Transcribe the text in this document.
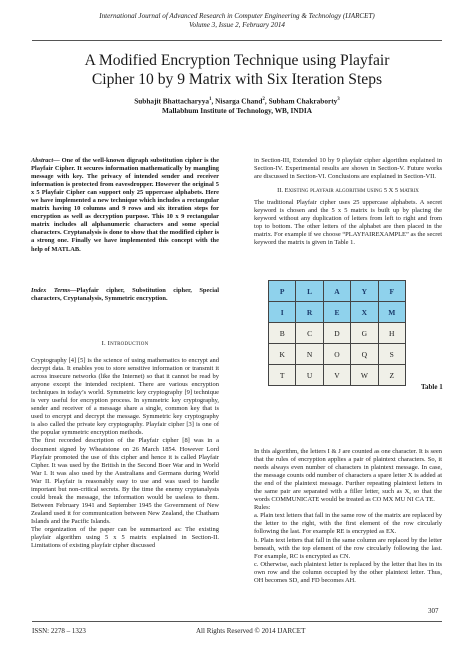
International Journal of Advanced Research in Computer Engineering & Technology (IJARCET)
Volume 3, Issue 2, February 2014
A Modified Encryption Technique using Playfair
Cipher 10 by 9 Matrix with Six Iteration Steps
Subhajit Bhattacharyya$^1$, Nisarga Chand$^2$, Subham Chakraborty$^3$
Mallabhum Institute of Technology, WB, INDIA

Abstract— One of the well-known digraph substitution cipher is the Playfair Cipher. It secures information mathematically by mangling message with key. The privacy of intended sender and receiver information is protected from eavesdropper. However the original 5 x 5 Playfair Cipher can support only 25 uppercase alphabets. Here we have implemented a new technique which includes a rectangular matrix having 10 columns and 9 rows and six iteration steps for encryption as well as decryption purpose. This 10 x 9 rectangular matrix includes all alphanumeric characters and some special characters. Cryptanalysis is done to show that the modified cipher is a strong one. Finally we have implemented this concept with the help of MATLAB.

Index Terms—Playfair cipher, Substitution cipher, Special characters, Cryptanalysis, Symmetric encryption.

I. Introduction

Cryptography [4] [5] is the science of using mathematics to encrypt and decrypt data. It enables you to store sensitive information or transmit it across insecure networks (like the Internet) so that it cannot be read by anyone except the intended recipient. There are various encryption techniques in today’s world. Symmetric key cryptography [9] technique is very useful for encryption process. In symmetric key cryptography, sender and receiver of a message share a single, common key that is used to encrypt and decrypt the message. Symmetric key cryptography is also called the private key cryptography. Playfair cipher [3] is one of the popular symmetric encryption methods.

The first recorded description of the Playfair cipher [8] was in a document signed by Wheatstone on 26 March 1854. However Lord Playfair promoted the use of this cipher and hence it is called Playfair Cipher. It was used by the British in the Second Boer War and in World War I. It was also used by the Australians and Germans during World War II. Playfair is reasonably easy to use and was used to handle important but non-critical secrets. By the time the enemy cryptanalysts could break the message, the information would be useless to them. Between February 1941 and September 1945 the Government of New Zealand used it for communication between New Zealand, the Chatham Islands and the Pacific Islands.

The organization of the paper can be summarized as: The existing playfair algorithm using 5 x 5 matrix explained in Section-II. Limitations of existing playfair cipher discussed

in Section-III, Extended 10 by 9 playfair cipher algorithm explained in Section-IV. Experimental results are shown in Section-V. Future works are discussed in Section-VI. Conclusions are explained in Section-VII.

II. Existing playfair algorithm using 5 X 5 matrix

The traditional Playfair cipher uses 25 uppercase alphabets. A secret keyword is chosen and the 5 x 5 matrix is built up by placing the keyword without any duplication of letters from left to right and from top to bottom. The other letters of the alphabet are then placed in the matrix. For example if we choose “PLAYFAIREXAMPLE” as the secret keyword the matrix is given in Table 1.

P	L	A	Y	F
I	R	E	X	M
B	C	D	G	H
K	N	O	Q	S
T	U	V	W	Z
Table 1

In this algorithm, the letters I & J are counted as one character. It is seen that the rules of encryption applies a pair of plaintext characters. So, it needs always even number of characters in plaintext message. In case, the message counts odd number of characters a spare letter X is added at the end of the plaintext message. Further repeating plaintext letters in the same pair are separated with a filler letter, such as X, so that the words COMMUNICATE would be treated as CO MX MU NI CA TE.

Rules:

a. Plain text letters that fall in the same row of the matrix are replaced by the letter to the right, with the first element of the row circularly following the last. For example RE is encrypted as EX.

b. Plain text letters that fall in the same column are replaced by the letter beneath, with the top element of the row circularly following the last. For example, RC is encrypted as CN.

c. Otherwise, each plaintext letter is replaced by the letter that lies in its own row and the column occupied by the other plaintext letter. Thus, OH becomes SD, and FD becomes AH.

307
ISSN: 2278 – 1323	All Rights Reserved © 2014 IJARCET
